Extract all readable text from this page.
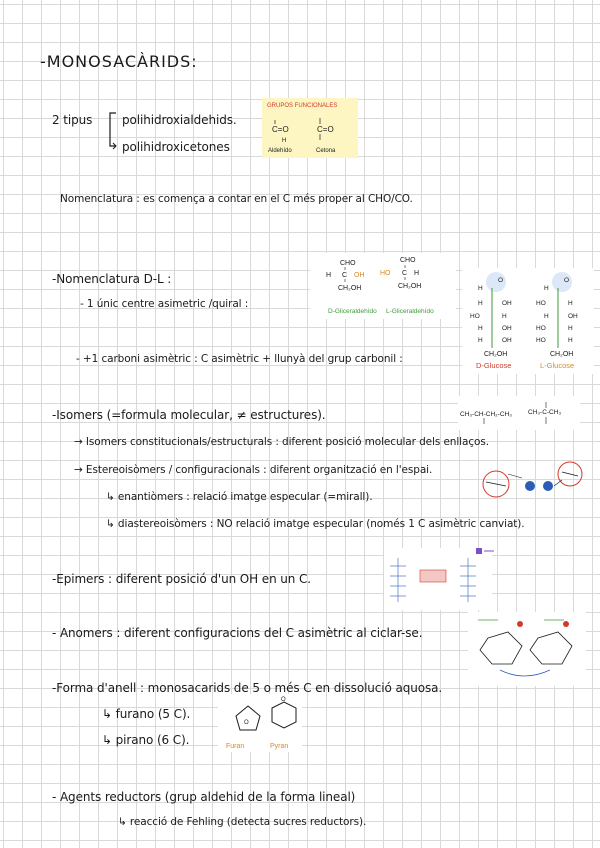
-MONOSACÀRIDS:
2 tipus polihidroxialdehids.
polihidroxicetones
GRUPOS FUNCIONALES
C=O
H
C=O
Aldehído	Cetona
Nomenclatura : es comença a contar en el C més proper al CHO/CO.
-Nomenclatura D-L :
- 1 únic centre asimetric /quiral :
- +1 carboni asimètric : C asimètric + llunyà del grup carbonil :
CHO
H C OH
CH₂OH
CHO
HO C H
CH₂OH
D-Gliceraldehído L-Gliceraldehído
O
H
H	OH
HO	H
H	OH
H	OH
O
H
HO	H
H	OH
HO	H
HO	H
CH₂OH	CH₂OH
D-Glucose	L-Glucose
-Isomers (=formula molecular, ≠ estructures).
→ Isomers constitucionals/estructurals : diferent posició molecular dels enllaços.
→ Estereoisòmers / configuracionals : diferent organització en l'espai.
↳ enantiòmers : relació imatge especular (=mirall).
↳ diastereoisòmers : NO relació imatge especular (només 1 C asimètric canviat).
CH₃-CH-CH₂-CH₃ CH₃-C-CH₃
-Epimers : diferent posició d'un OH en un C.
- Anomers : diferent configuracions del C asimètric al ciclar-se.
-Forma d'anell : monosacarids de 5 o més C en dissolució aquosa.
↳ furano (5 C).
↳ pirano (6 C).
O
O
Furan	Pyran
- Agents reductors (grup aldehid de la forma lineal)
↳ reacció de Fehling (detecta sucres reductors).
